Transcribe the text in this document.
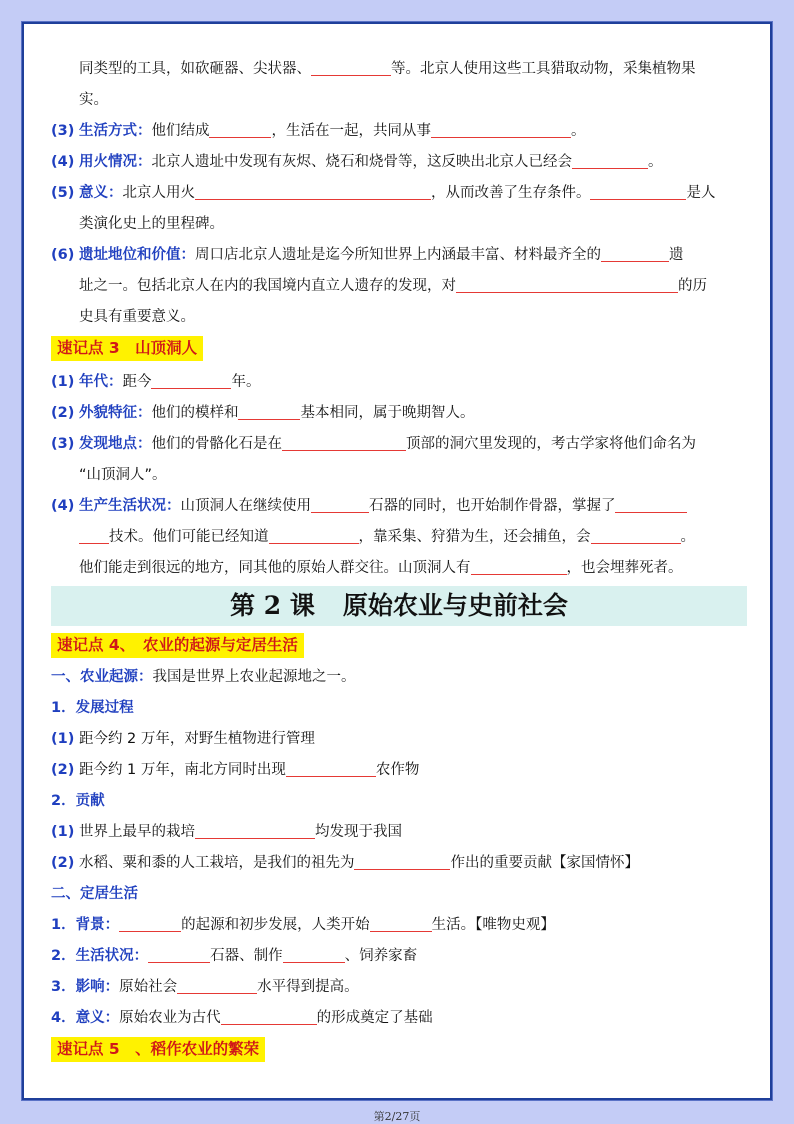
同类型的工具，如砍砸器、尖状器、	等。北京人使用这些工具猎取动物，采集植物果
实。
(3) 生活方式：他们结成	，生活在一起，共同从事	。
(4) 用火情况：北京人遗址中发现有灰烬、烧石和烧骨等，这反映出北京人已经会	。
(5) 意义：北京人用火	，从而改善了生存条件。	是人
类演化史上的里程碑。
(6) 遗址地位和价值：周口店北京人遗址是迄今所知世界上内涵最丰富、材料最齐全的	遗
址之一。包括北京人在内的我国境内直立人遗存的发现，对	的历
史具有重要意义。
速记点 3　山顶洞人
(1) 年代：距今	年。
(2) 外貌特征：他们的模样和	基本相同，属于晚期智人。
(3) 发现地点：他们的骨骼化石是在	顶部的洞穴里发现的，考古学家将他们命名为
“山顶洞人”。
(4) 生产生活状况：山顶洞人在继续使用	石器的同时，也开始制作骨器，掌握了
技术。他们可能已经知道	，靠采集、狩猎为生，还会捕鱼，会	。
他们能走到很远的地方，同其他的原始人群交往。山顶洞人有	，也会埋葬死者。
第 2 课 原始农业与史前社会
速记点 4、　农业的起源与定居生活
一、农业起源：我国是世界上农业起源地之一。
1．发展过程
(1) 距今约 2 万年，对野生植物进行管理
(2) 距今约 1 万年，南北方同时出现	农作物
2．贡献
(1) 世界上最早的栽培	均发现于我国
(2) 水稻、粟和黍的人工栽培，是我们的祖先为	作出的重要贡献【家国情怀】
二、定居生活
1．背景：	的起源和初步发展，人类开始	生活。【唯物史观】
2．生活状况：	石器、制作	、饲养家畜
3．影响：原始社会	水平得到提高。
4．意义：原始农业为古代	的形成奠定了基础
速记点 5　、稻作农业的繁荣
第2/27页
